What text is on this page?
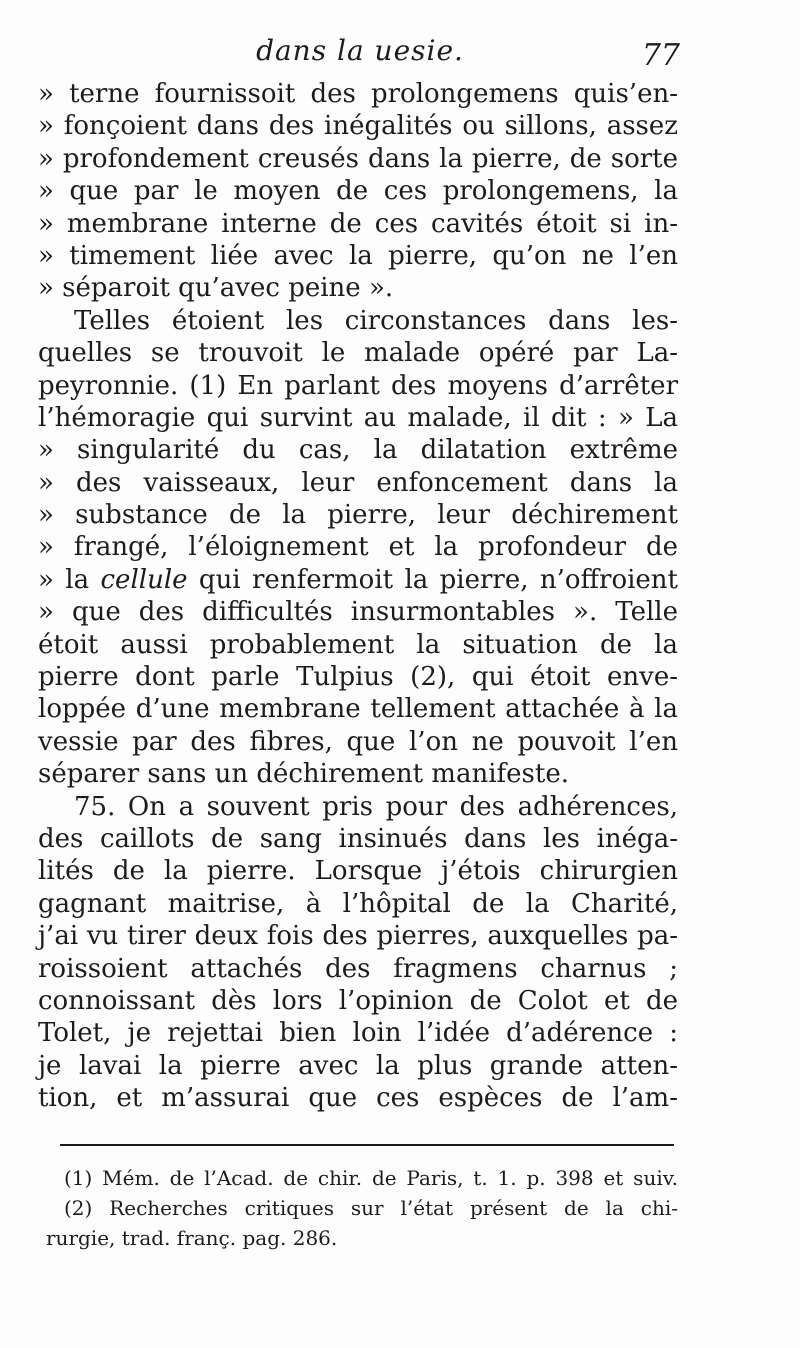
dans la uesie.	77
» terne fournissoit des prolongemens quis’en-
» fonçoient dans des inégalités ou sillons, assez
» profondement creusés dans la pierre, de sorte
» que par le moyen de ces prolongemens, la
» membrane interne de ces cavités étoit si in-
» timement liée avec la pierre, qu’on ne l’en
» séparoit qu’avec peine ».
Telles étoient les circonstances dans les-
quelles se trouvoit le malade opéré par La-
peyronnie. (1) En parlant des moyens d’arrêter
l’hémoragie qui survint au malade, il dit : » La
» singularité du cas, la dilatation extrême
» des vaisseaux, leur enfoncement dans la
» substance de la pierre, leur déchirement
» frangé, l’éloignement et la profondeur de
» la cellule qui renfermoit la pierre, n’offroient
» que des difficultés insurmontables ». Telle
étoit aussi probablement la situation de la
pierre dont parle Tulpius (2), qui étoit enve-
loppée d’une membrane tellement attachée à la
vessie par des fibres, que l’on ne pouvoit l’en
séparer sans un déchirement manifeste.
75. On a souvent pris pour des adhérences,
des caillots de sang insinués dans les inéga-
lités de la pierre. Lorsque j’étois chirurgien
gagnant maitrise, à l’hôpital de la Charité,
j’ai vu tirer deux fois des pierres, auxquelles pa-
roissoient attachés des fragmens charnus ;
connoissant dès lors l’opinion de Colot et de
Tolet, je rejettai bien loin l’idée d’adérence :
je lavai la pierre avec la plus grande atten-
tion, et m’assurai que ces espèces de l’am-
(1) Mém. de l’Acad. de chir. de Paris, t. 1. p. 398 et suiv.
(2) Recherches critiques sur l’état présent de la chi-
rurgie, trad. franç. pag. 286.
